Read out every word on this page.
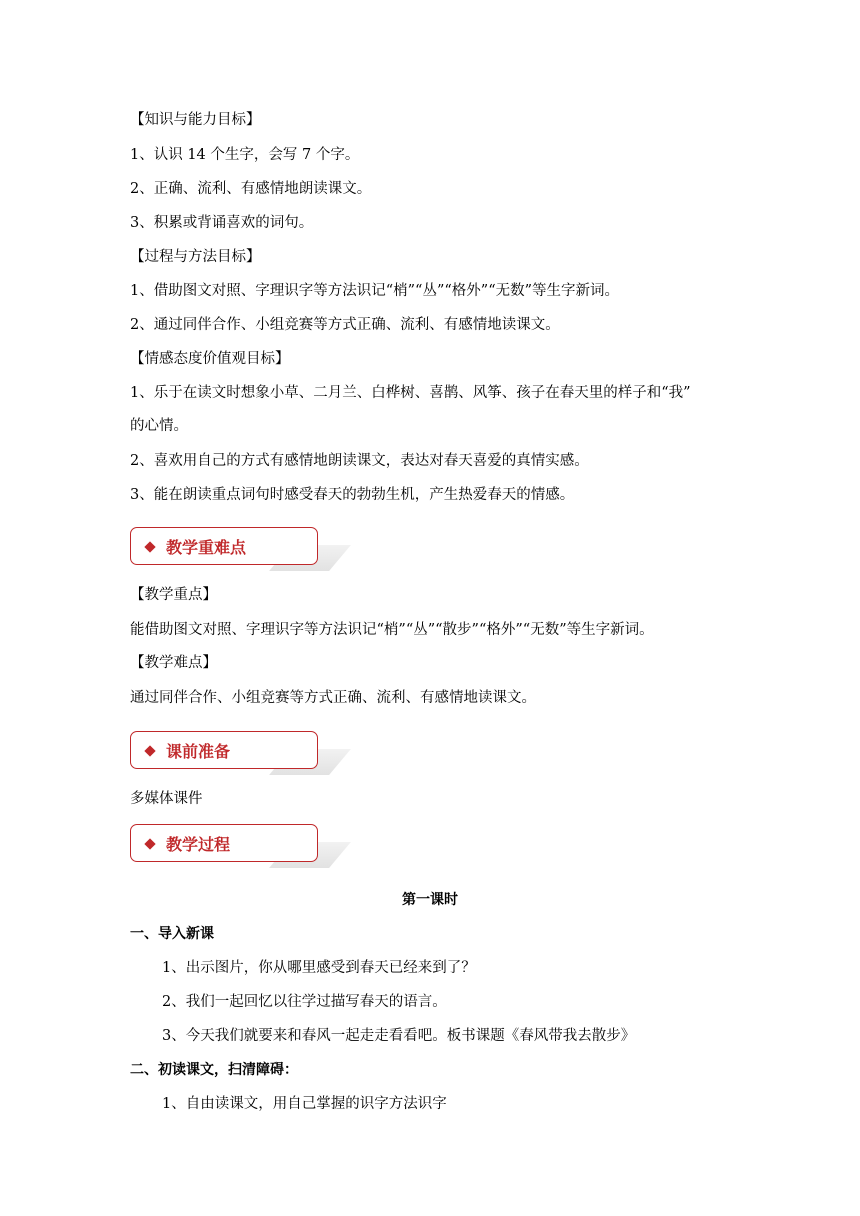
【知识与能力目标】
1、认识 14 个生字，会写 7 个字。
2、正确、流利、有感情地朗读课文。
3、积累或背诵喜欢的词句。
【过程与方法目标】
1、借助图文对照、字理识字等方法识记“梢”“丛”“格外”“无数”等生字新词。
2、通过同伴合作、小组竞赛等方式正确、流利、有感情地读课文。
【情感态度价值观目标】
1、乐于在读文时想象小草、二月兰、白桦树、喜鹊、风筝、孩子在春天里的样子和“我”
的心情。
2、喜欢用自己的方式有感情地朗读课文，表达对春天喜爱的真情实感。
3、能在朗读重点词句时感受春天的勃勃生机，产生热爱春天的情感。
教学重难点
【教学重点】
能借助图文对照、字理识字等方法识记“梢”“丛”“散步”“格外”“无数”等生字新词。
【教学难点】
通过同伴合作、小组竞赛等方式正确、流利、有感情地读课文。
课前准备
多媒体课件
教学过程
第一课时
一、导入新课
1、出示图片，你从哪里感受到春天已经来到了？
2、我们一起回忆以往学过描写春天的语言。
3、今天我们就要来和春风一起走走看看吧。板书课题《春风带我去散步》
二、初读课文，扫清障碍：
1、自由读课文，用自己掌握的识字方法识字
